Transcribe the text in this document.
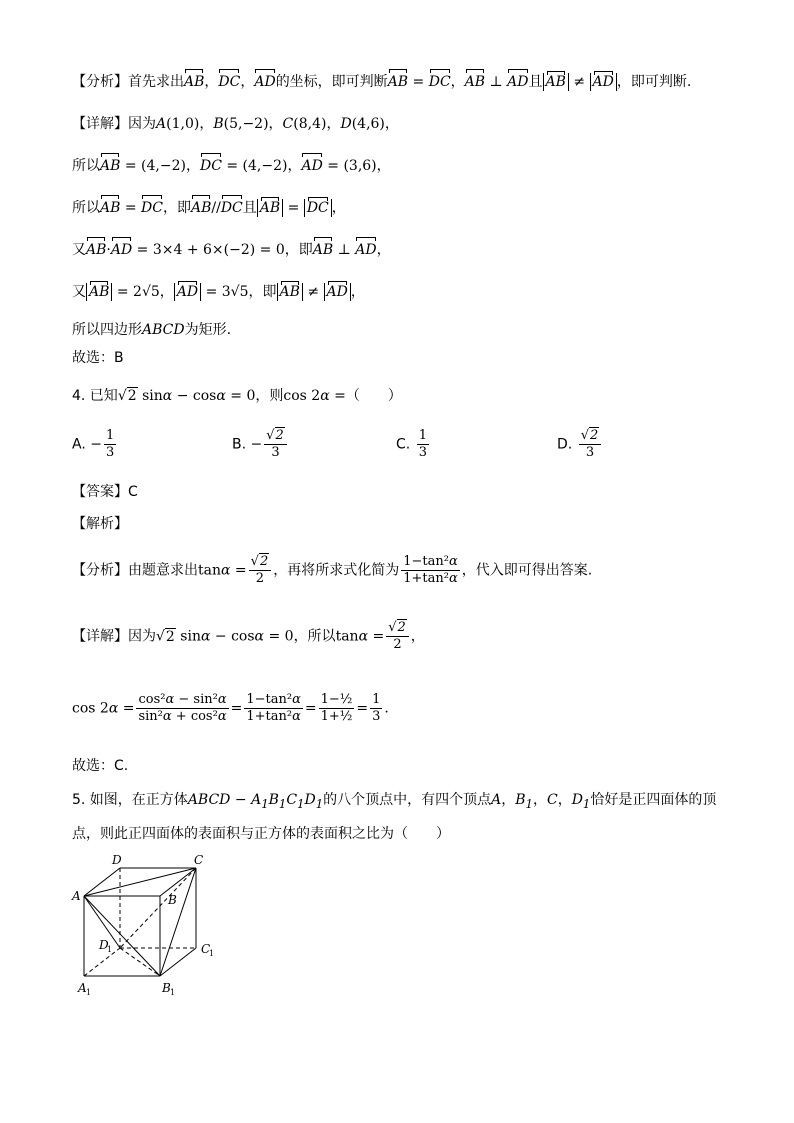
【分析】首先求出AB，DC，AD的坐标，即可判断AB = DC，AB ⊥ AD且 AB ≠ AD ，即可判断.
【详解】因为A(1,0)，B(5,−2)，C(8,4)，D(4,6)，
所以AB = (4,−2)，DC = (4,−2)，AD = (3,6)，
所以AB = DC，即AB//DC且 AB = DC ，
又AB·AD = 3×4 + 6×(−2) = 0，即AB ⊥ AD，
又 AB = 2√5， AD = 3√5，即 AB ≠ AD ，
所以四边形ABCD为矩形.
故选：B
4. 已知√2 sinα − cosα = 0，则cos 2α =（　　）
A. − $\frac{1}{3}$	B. − $\frac{√2}{3}$	C. $\frac{1}{3}$	D. $\frac{√2}{3}$
【答案】C
【解析】
【分析】由题意求出$\tan\alpha = \frac{√2}{2}$ ，再将所求式化简为 $\frac{\text{1−tan²α}}{\text{1+tan²α}}$ ，代入即可得出答案.
【详解】因为√2 sinα − cosα = 0，所以$\tan\alpha = \frac{√2}{2}$ ，
$\cos 2\alpha = \frac{\text{cos²α − sin²α}}{\text{sin²α + cos²α}} = \frac{\text{1−tan²α}}{\text{1+tan²α}} = \frac{\text{1−½}}{\text{1+½}} = \frac{1}{3}$ .
故选：C.
5. 如图，在正方体ABCD − $A_1B_1C_1D_1$的八个顶点中，有四个顶点A，$B_1$，C，$D_1$恰好是正四面体的顶
点，则此正四面体的表面积与正方体的表面积之比为（　　）
D	C
A	B
D
1	C
1
A 1	B 1
